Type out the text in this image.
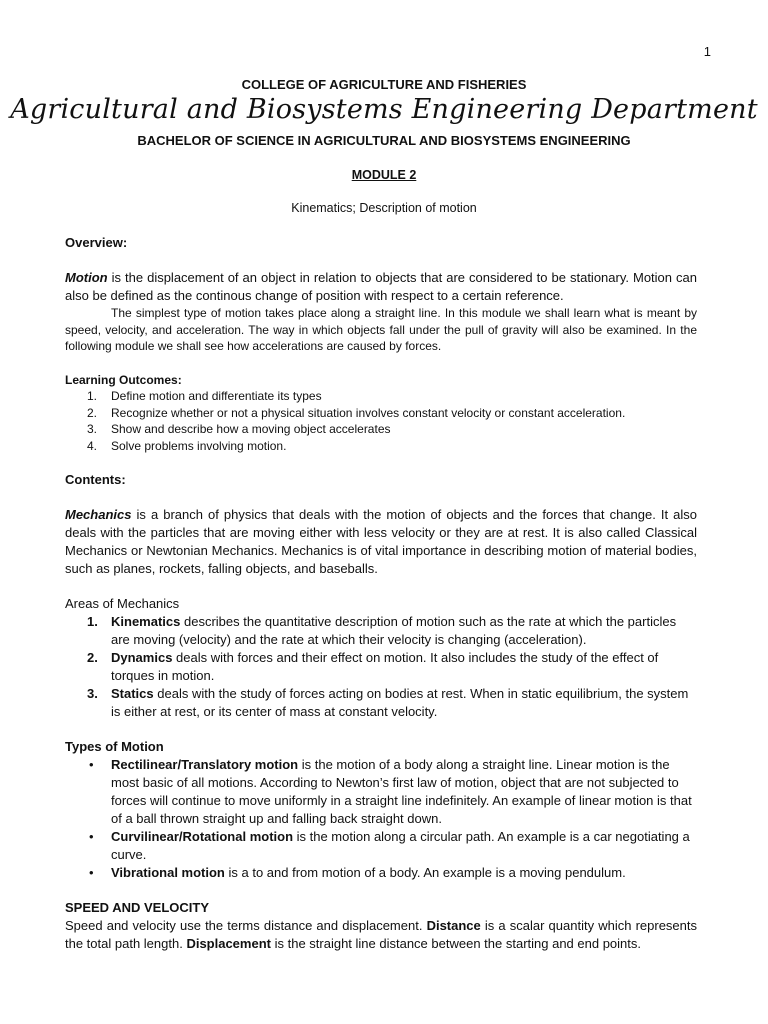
1
COLLEGE OF AGRICULTURE AND FISHERIES
Agricultural and Biosystems Engineering Department
BACHELOR OF SCIENCE IN AGRICULTURAL AND BIOSYSTEMS ENGINEERING
MODULE 2
Kinematics; Description of motion

Overview:

Motion is the displacement of an object in relation to objects that are considered to be stationary. Motion can also be defined as the continous change of position with respect to a certain reference.

The simplest type of motion takes place along a straight line. In this module we shall learn what is meant by speed, velocity, and acceleration. The way in which objects fall under the pull of gravity will also be examined. In the following module we shall see how accelerations are caused by forces.

Learning Outcomes:

1. Define motion and differentiate its types
2. Recognize whether or not a physical situation involves constant velocity or constant acceleration.
3. Show and describe how a moving object accelerates
4. Solve problems involving motion.

Contents:

Mechanics is a branch of physics that deals with the motion of objects and the forces that change. It also deals with the particles that are moving either with less velocity or they are at rest. It is also called Classical Mechanics or Newtonian Mechanics. Mechanics is of vital importance in describing motion of material bodies, such as planes, rockets, falling objects, and baseballs.

Areas of Mechanics

1. Kinematics describes the quantitative description of motion such as the rate at which the particles are moving (velocity) and the rate at which their velocity is changing (acceleration).
2. Dynamics deals with forces and their effect on motion. It also includes the study of the effect of torques in motion.
3. Statics deals with the study of forces acting on bodies at rest. When in static equilibrium, the system is either at rest, or its center of mass at constant velocity.

Types of Motion

• Rectilinear/Translatory motion is the motion of a body along a straight line. Linear motion is the most basic of all motions. According to Newton’s first law of motion, object that are not subjected to forces will continue to move uniformly in a straight line indefinitely. An example of linear motion is that of a ball thrown straight up and falling back straight down.
• Curvilinear/Rotational motion is the motion along a circular path. An example is a car negotiating a curve.
• Vibrational motion is a to and from motion of a body. An example is a moving pendulum.

SPEED AND VELOCITY

Speed and velocity use the terms distance and displacement. Distance is a scalar quantity which represents the total path length. Displacement is the straight line distance between the starting and end points.
